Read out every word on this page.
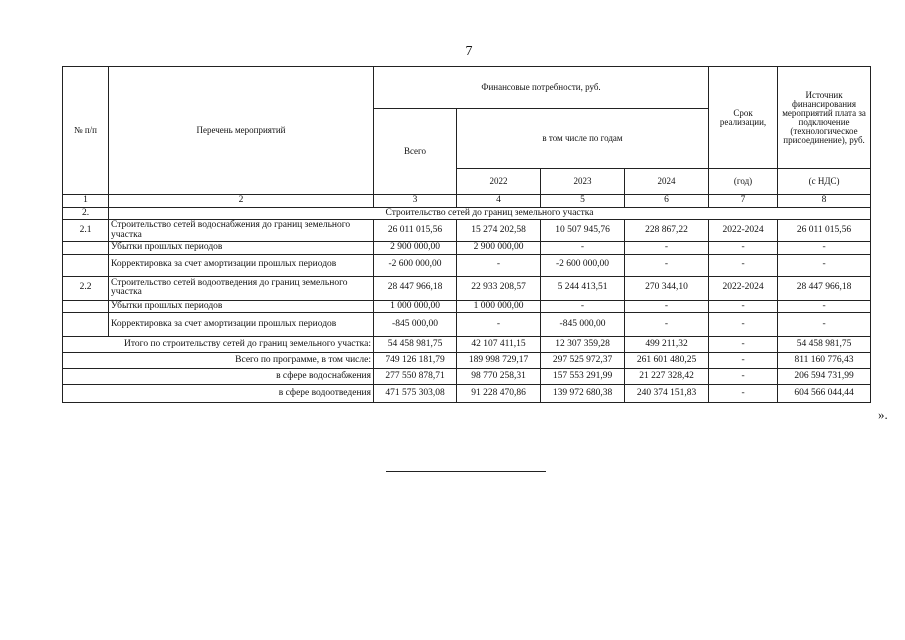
7
№ п/п	Перечень мероприятий	Финансовые потребности, руб.				Срок реализации,	Источник финансирования мероприятий плата за подключение (технологическое присоединение), руб.
		Всего	в том числе по годам				
			2022	2023	2024	(год)	(с НДС)
1	2	3	4	5	6	7	8
2.	Строительство сетей до границ земельного участка						
2.1	Строительство сетей водоснабжения до границ земельного участка	26 011 015,56	15 274 202,58	10 507 945,76	228 867,22	2022-2024	26 011 015,56
	Убытки прошлых периодов	2 900 000,00	2 900 000,00	-	-	-	-
	Корректировка за счет амортизации прошлых периодов	-2 600 000,00	-	-2 600 000,00	-	-	-
2.2	Строительство сетей водоотведения до границ земельного участка	28 447 966,18	22 933 208,57	5 244 413,51	270 344,10	2022-2024	28 447 966,18
	Убытки прошлых периодов	1 000 000,00	1 000 000,00	-	-	-	-
	Корректировка за счет амортизации прошлых периодов	-845 000,00	-	-845 000,00	-	-	-
Итого по строительству сетей до границ земельного участка:		54 458 981,75	42 107 411,15	12 307 359,28	499 211,32	-	54 458 981,75
Всего по программе, в том числе:		749 126 181,79	189 998 729,17	297 525 972,37	261 601 480,25	-	811 160 776,43
в сфере водоснабжения		277 550 878,71	98 770 258,31	157 553 291,99	21 227 328,42	-	206 594 731,99
в сфере водоотведения		471 575 303,08	91 228 470,86	139 972 680,38	240 374 151,83	-	604 566 044,44
».
